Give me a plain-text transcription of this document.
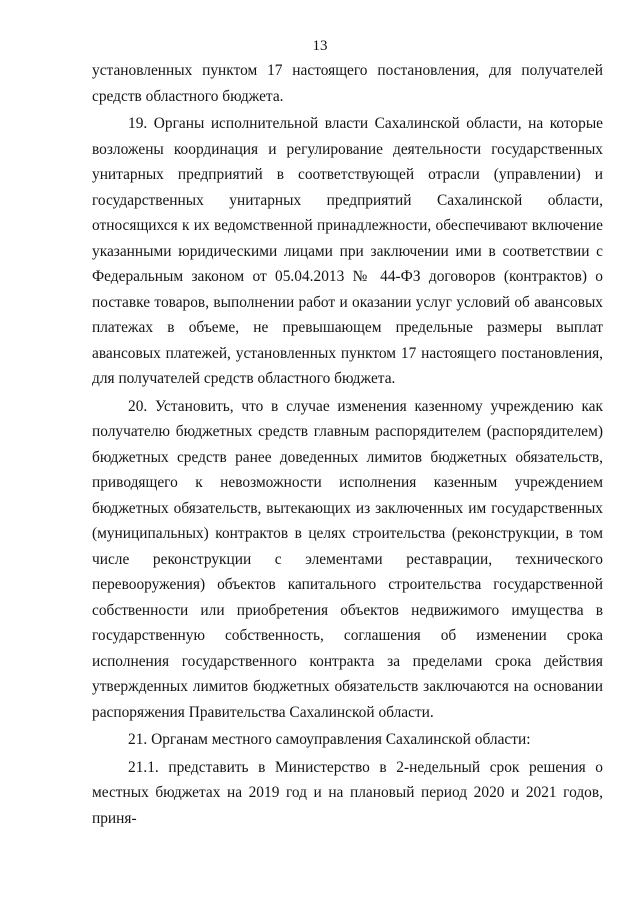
13

установленных пунктом 17 настоящего постановления, для получателей средств областного бюджета.

19. Органы исполнительной власти Сахалинской области, на которые возложены координация и регулирование деятельности государственных унитарных предприятий в соответствующей отрасли (управлении) и государственных унитарных предприятий Сахалинской области, относящихся к их ведомственной принадлежности, обеспечивают включение указанными юридическими лицами при заключении ими в соответствии с Федеральным законом от 05.04.2013 № 44-ФЗ договоров (контрактов) о поставке товаров, выполнении работ и оказании услуг условий об авансовых платежах в объеме, не превышающем предельные размеры выплат авансовых платежей, установленных пунктом 17 настоящего постановления, для получателей средств областного бюджета.

20. Установить, что в случае изменения казенному учреждению как получателю бюджетных средств главным распорядителем (распорядителем) бюджетных средств ранее доведенных лимитов бюджетных обязательств, приводящего к невозможности исполнения казенным учреждением бюджетных обязательств, вытекающих из заключенных им государственных (муниципальных) контрактов в целях строительства (реконструкции, в том числе реконструкции с элементами реставрации, технического перевооружения) объектов капитального строительства государственной собственности или приобретения объектов недвижимого имущества в государственную собственность, соглашения об изменении срока исполнения государственного контракта за пределами срока действия утвержденных лимитов бюджетных обязательств заключаются на основании распоряжения Правительства Сахалинской области.

21. Органам местного самоуправления Сахалинской области:

21.1. представить в Министерство в 2-недельный срок решения о местных бюджетах на 2019 год и на плановый период 2020 и 2021 годов, приня-
